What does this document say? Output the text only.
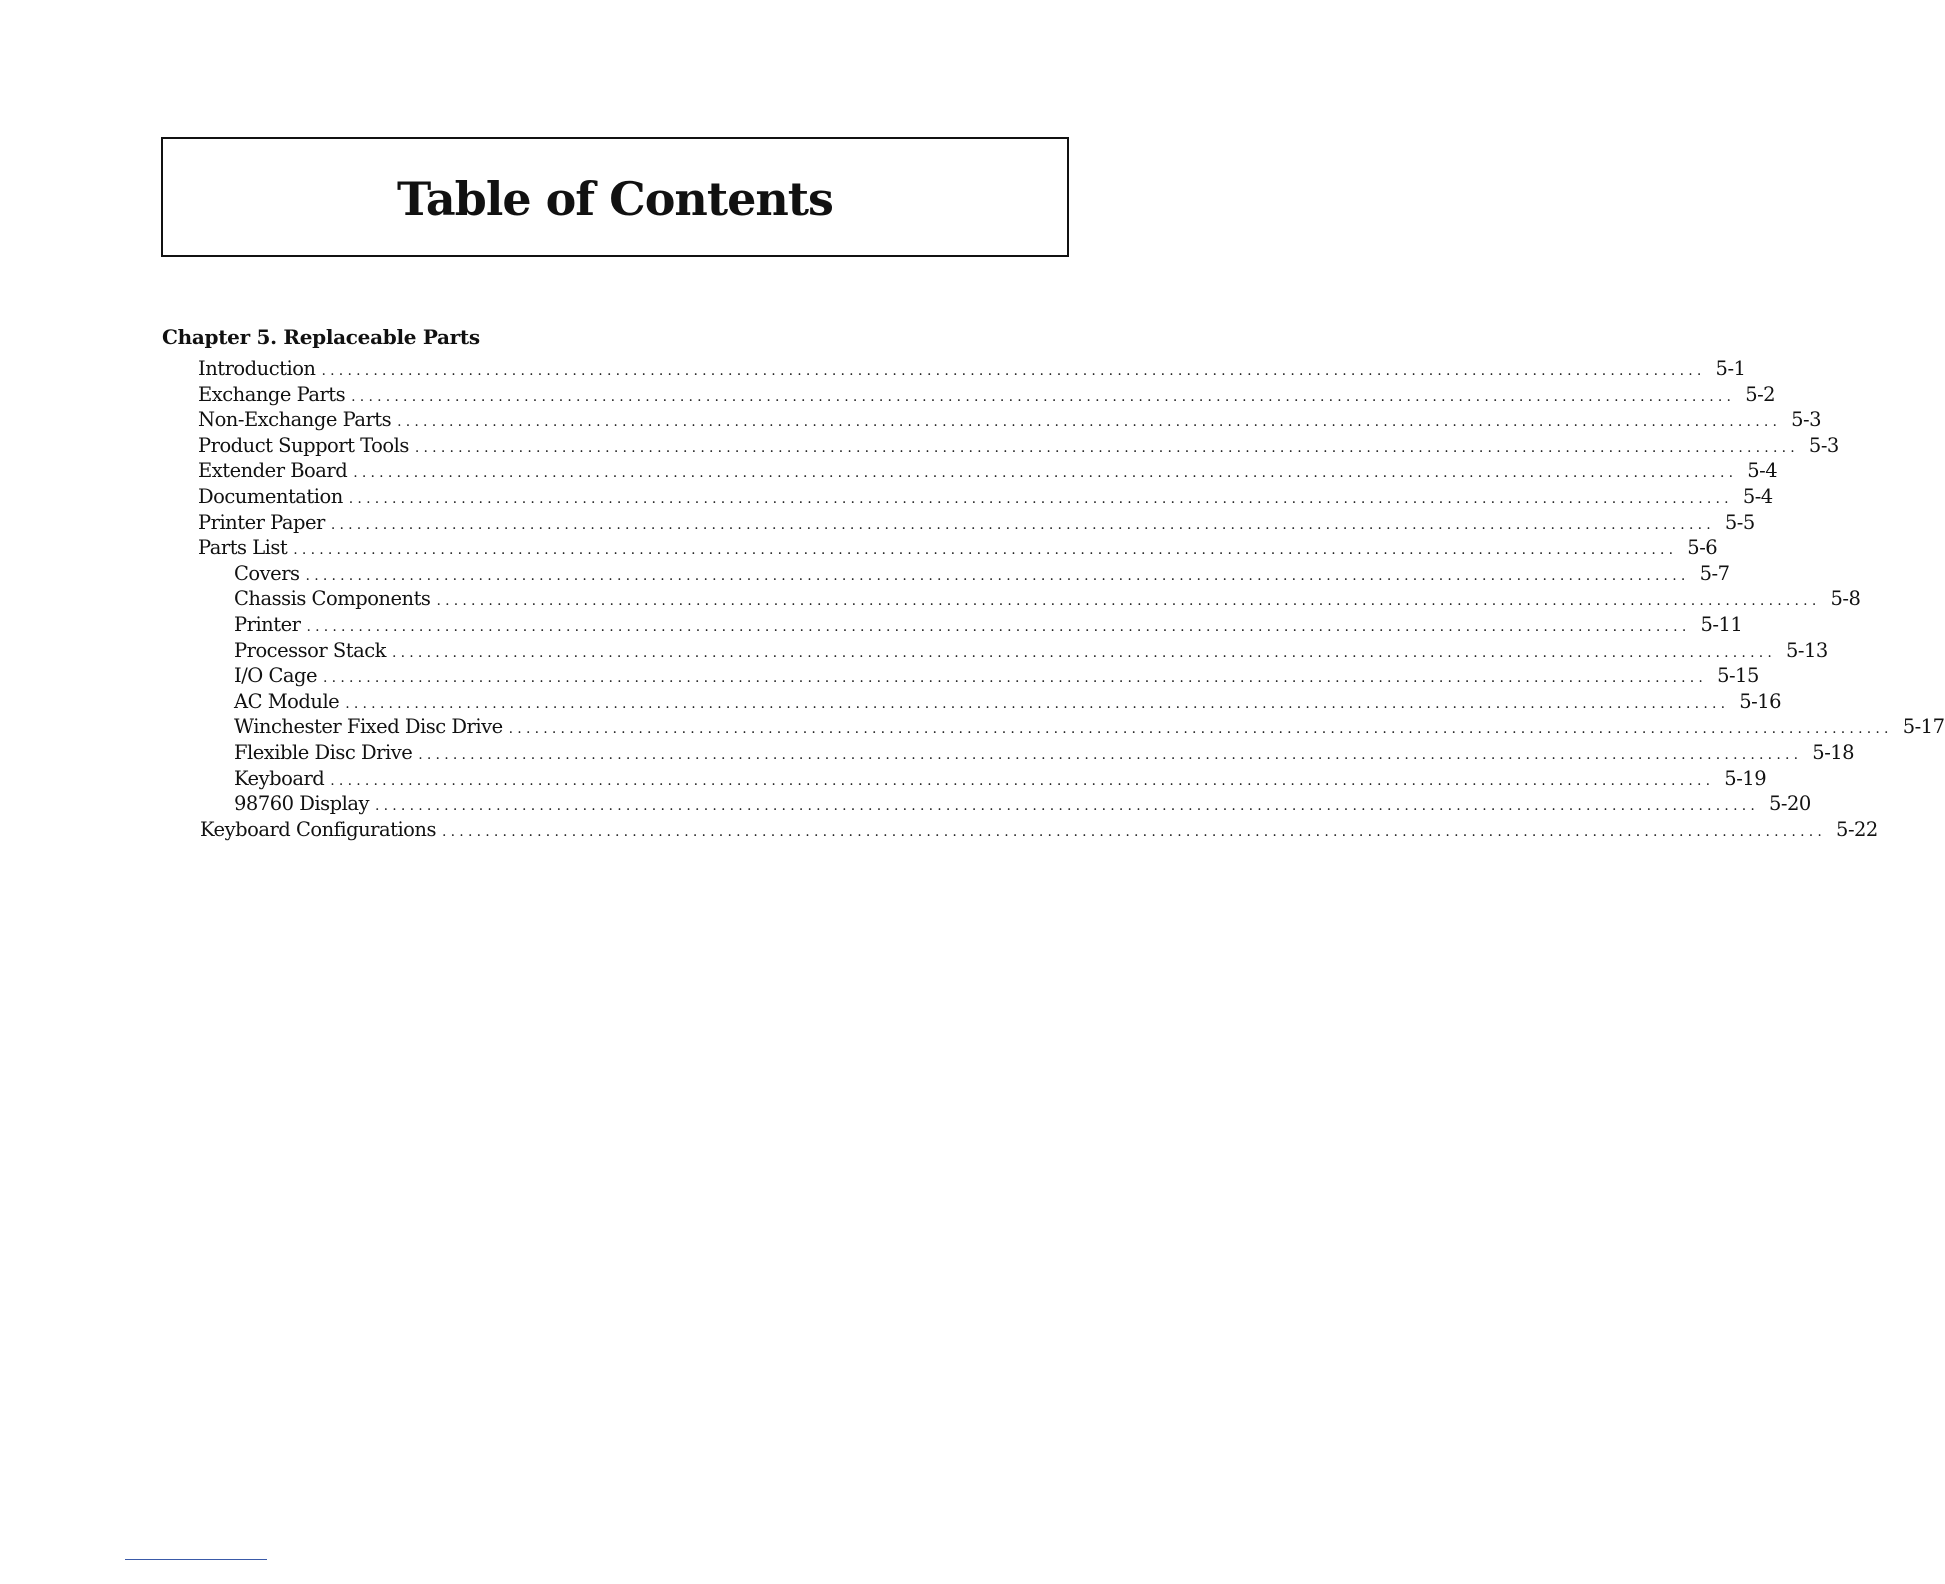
Table of Contents
Chapter 5. Replaceable Parts
Introduction ................................................................................................................................................................ 5-1
Exchange Parts ................................................................................................................................................................ 5-2
Non-Exchange Parts ................................................................................................................................................................ 5-3
Product Support Tools ................................................................................................................................................................ 5-3
Extender Board ................................................................................................................................................................ 5-4
Documentation ................................................................................................................................................................ 5-4
Printer Paper ................................................................................................................................................................ 5-5
Parts List ................................................................................................................................................................ 5-6
Covers ................................................................................................................................................................ 5-7
Chassis Components ................................................................................................................................................................ 5-8
Printer ................................................................................................................................................................ 5-11
Processor Stack ................................................................................................................................................................ 5-13
I/O Cage ................................................................................................................................................................ 5-15
AC Module ................................................................................................................................................................ 5-16
Winchester Fixed Disc Drive ................................................................................................................................................................ 5-17
Flexible Disc Drive ................................................................................................................................................................ 5-18
Keyboard ................................................................................................................................................................ 5-19
98760 Display ................................................................................................................................................................ 5-20
Keyboard Configurations ................................................................................................................................................................ 5-22
